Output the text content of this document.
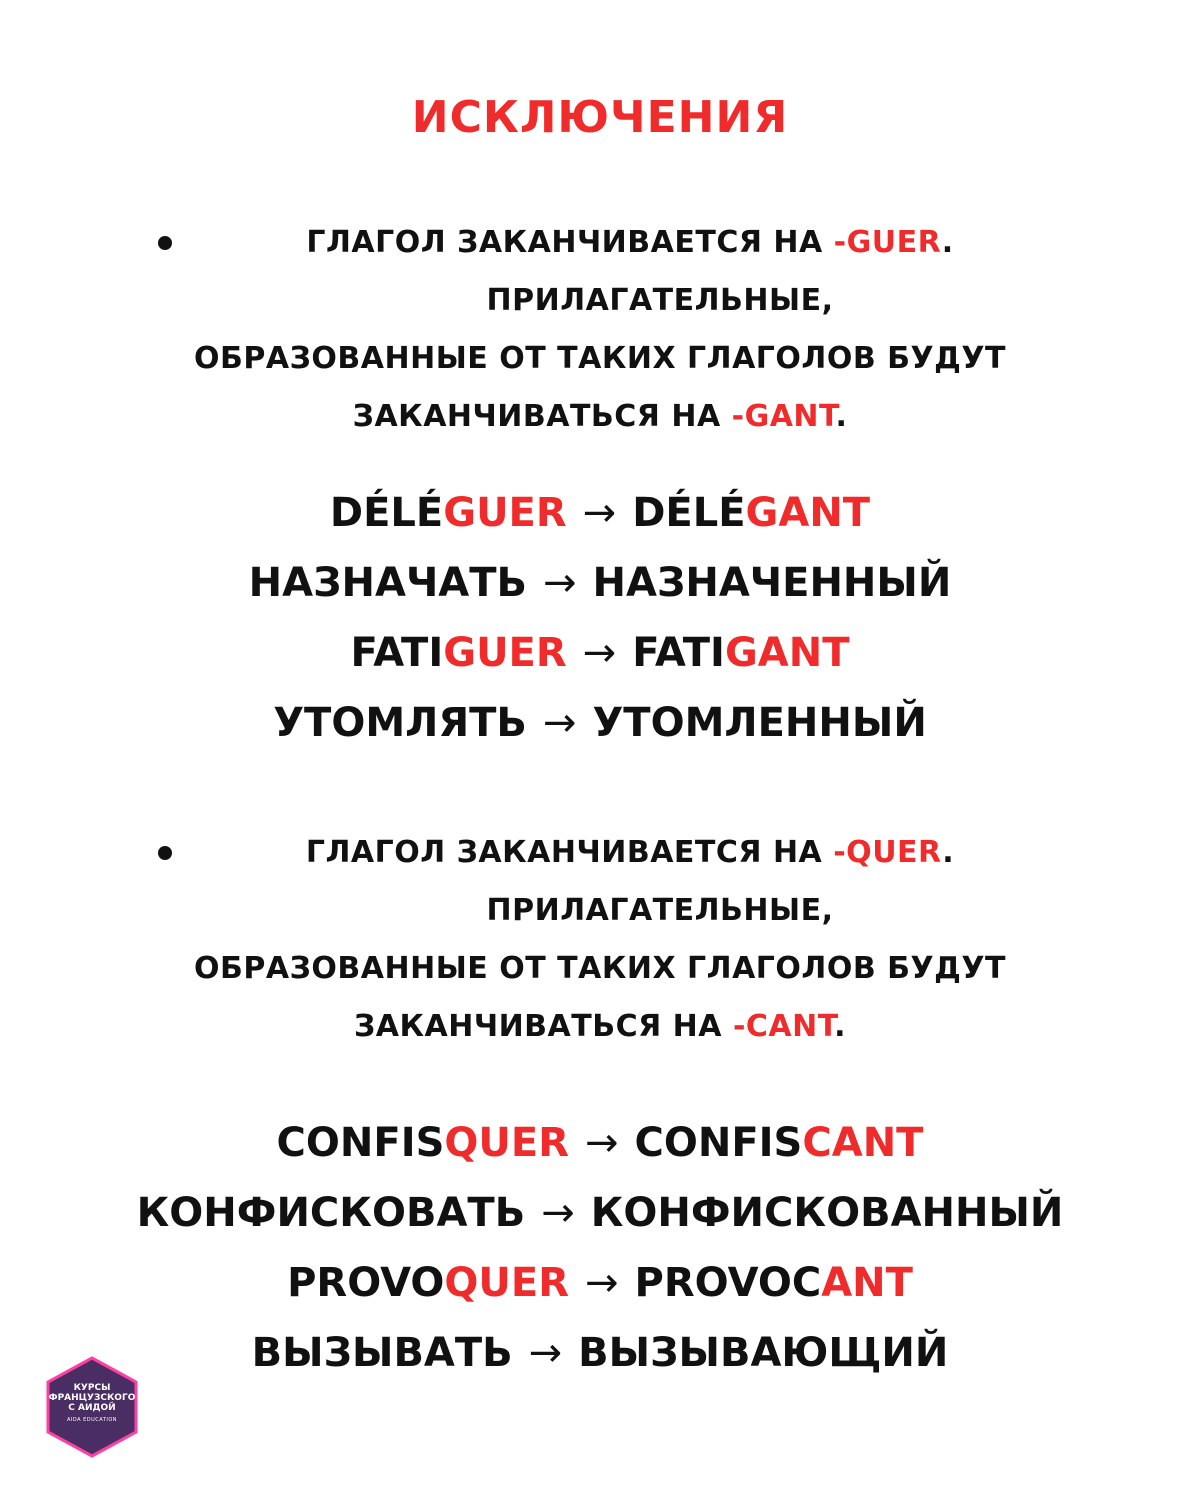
ИСКЛЮЧЕНИЯ
ГЛАГОЛ ЗАКАНЧИВАЕТСЯ НА -GUER.
ПРИЛАГАТЕЛЬНЫЕ,
ОБРАЗОВАННЫЕ ОТ ТАКИХ ГЛАГОЛОВ БУДУТ
ЗАКАНЧИВАТЬСЯ НА -GANT.
DÉLÉGUER → DÉLÉGANT
НАЗНАЧАТЬ → НАЗНАЧЕННЫЙ
FATIGUER → FATIGANT
УТОМЛЯТЬ → УТОМЛЕННЫЙ
ГЛАГОЛ ЗАКАНЧИВАЕТСЯ НА -QUER.
ПРИЛАГАТЕЛЬНЫЕ,
ОБРАЗОВАННЫЕ ОТ ТАКИХ ГЛАГОЛОВ БУДУТ
ЗАКАНЧИВАТЬСЯ НА -CANT.
CONFISQUER → CONFISCANT
КОНФИСКОВАТЬ → КОНФИСКОВАННЫЙ
PROVOQUER → PROVOCANT
ВЫЗЫВАТЬ → ВЫЗЫВАЮЩИЙ
КУРСЫ
ФРАНЦУЗСКОГО
С АИДОЙ
AIDA EDUCATION
